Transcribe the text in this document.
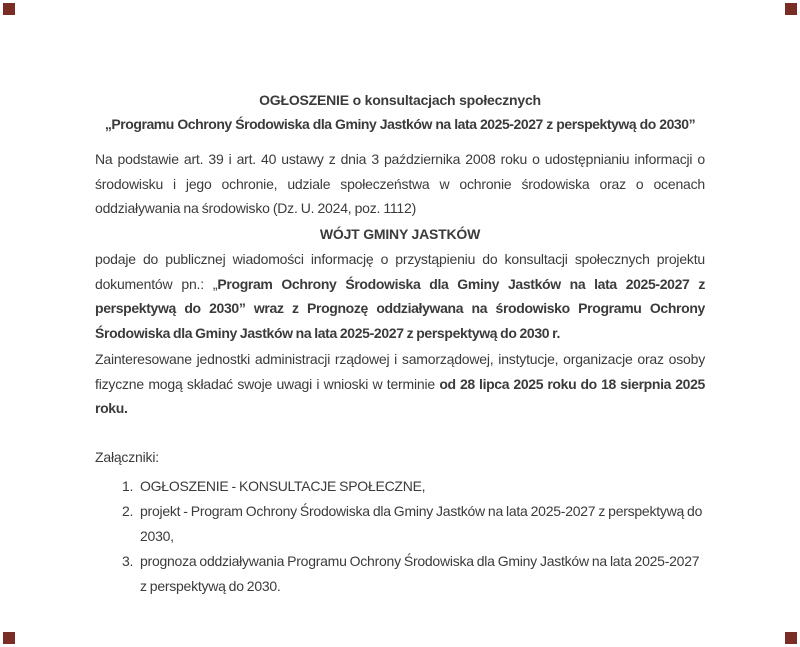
OGŁOSZENIE o konsultacjach społecznych
„Programu Ochrony Środowiska dla Gminy Jastków na lata 2025-2027 z perspektywą do 2030”

Na podstawie art. 39 i art. 40 ustawy z dnia 3 października 2008 roku o udostępnianiu informacji o środowisku i jego ochronie, udziale społeczeństwa w ochronie środowiska oraz o ocenach oddziaływania na środowisko (Dz. U. 2024, poz. 1112)

WÓJT GMINY JASTKÓW

podaje do publicznej wiadomości informację o przystąpieniu do konsultacji społecznych projektu dokumentów pn.: „Program Ochrony Środowiska dla Gminy Jastków na lata 2025-2027 z perspektywą do 2030” wraz z Prognozę oddziaływana na środowisko Programu Ochrony Środowiska dla Gminy Jastków na lata 2025-2027 z perspektywą do 2030 r.

Zainteresowane jednostki administracji rządowej i samorządowej, instytucje, organizacje oraz osoby fizyczne mogą składać swoje uwagi i wnioski w terminie od 28 lipca 2025 roku do 18 sierpnia 2025 roku.

Załączniki:
1. OGŁOSZENIE - KONSULTACJE SPOŁECZNE,
2. projekt - Program Ochrony Środowiska dla Gminy Jastków na lata 2025-2027 z perspektywą do 2030,
3. prognoza oddziaływania Programu Ochrony Środowiska dla Gminy Jastków na lata 2025-2027 z perspektywą do 2030.
